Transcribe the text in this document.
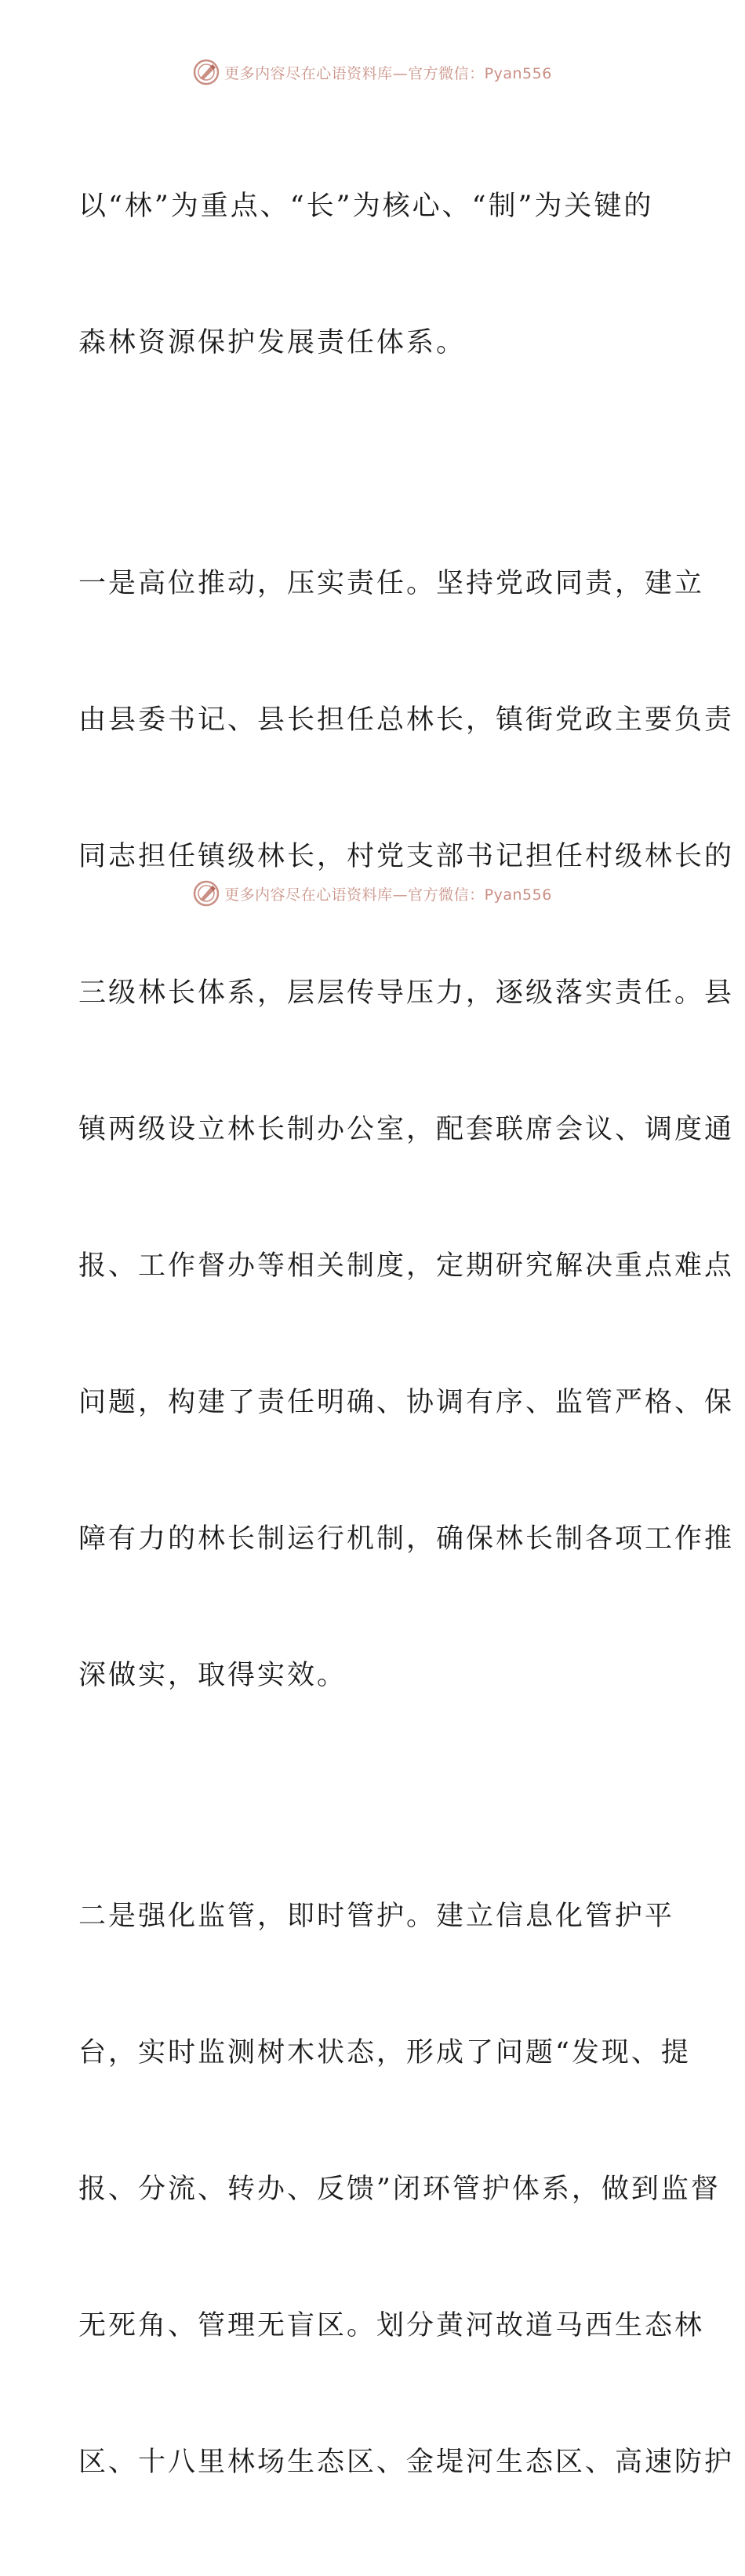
更多内容尽在心语资料库—官方微信：Pyan556

以“林”为重点、“长”为核心、“制”为关键的

森林资源保护发展责任体系。

一是高位推动，压实责任。坚持党政同责，建立

由县委书记、县长担任总林长，镇街党政主要负责

同志担任镇级林长，村党支部书记担任村级林长的

三级林长体系，层层传导压力，逐级落实责任。县

镇两级设立林长制办公室，配套联席会议、调度通

报、工作督办等相关制度，定期研究解决重点难点

问题，构建了责任明确、协调有序、监管严格、保

障有力的林长制运行机制，确保林长制各项工作推

深做实，取得实效。

二是强化监管，即时管护。建立信息化管护平

台，实时监测树木状态，形成了问题“发现、提

报、分流、转办、反馈”闭环管护体系，做到监督

无死角、管理无盲区。划分黄河故道马西生态林

区、十八里林场生态区、金堤河生态区、高速防护

更多内容尽在心语资料库—官方微信：Pyan556
